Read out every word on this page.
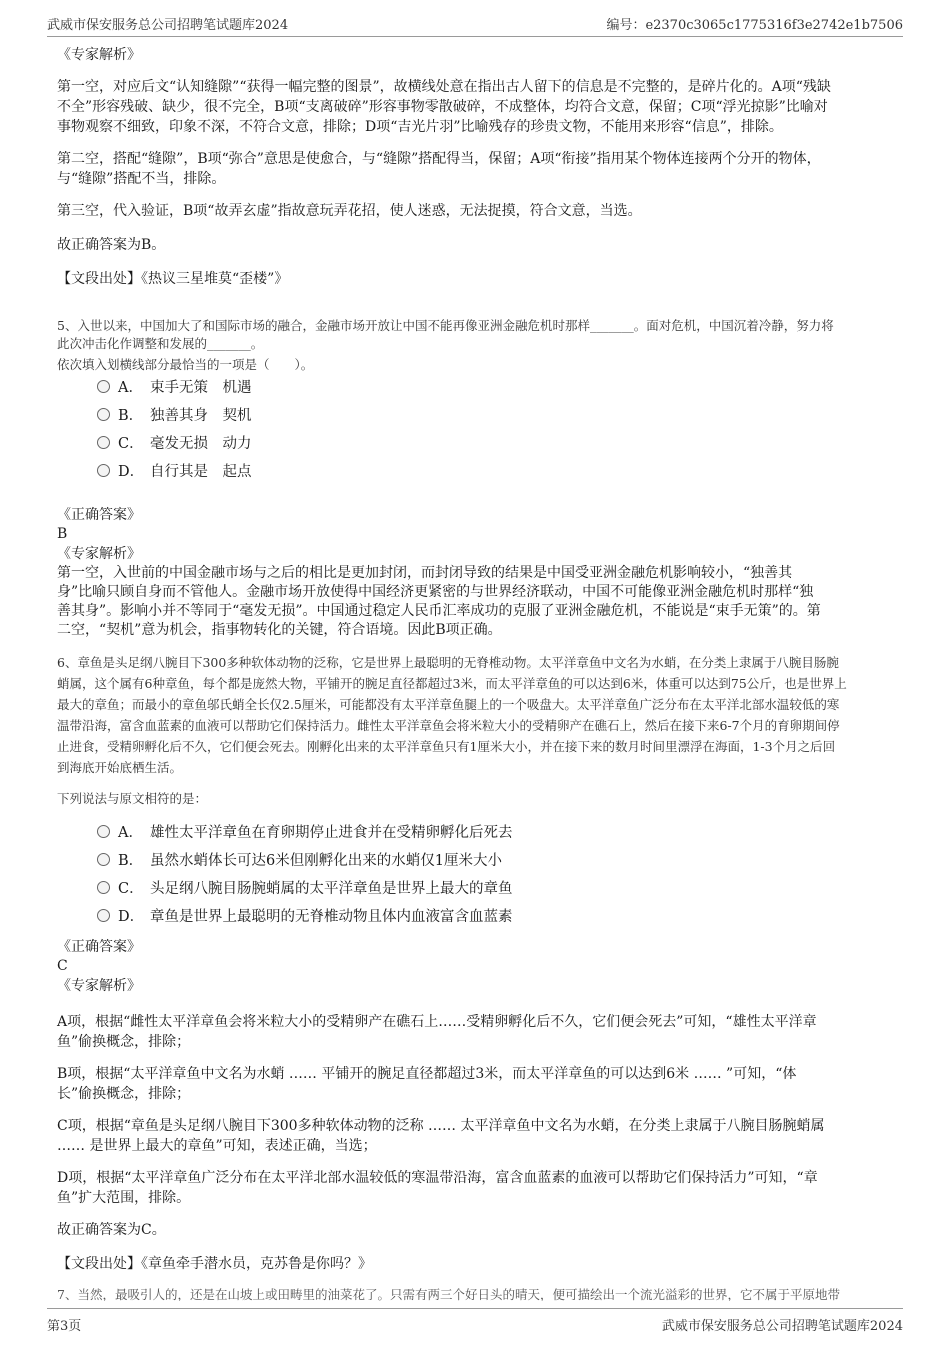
武威市保安服务总公司招聘笔试题库2024	编号：e2370c3065c1775316f3e2742e1b7506
《专家解析》
第一空，对应后文“认知缝隙”“获得一幅完整的图景”，故横线处意在指出古人留下的信息是不完整的，是碎片化的。A项“残缺
不全”形容残破、缺少，很不完全，B项“支离破碎”形容事物零散破碎，不成整体，均符合文意，保留；C项“浮光掠影”比喻对
事物观察不细致，印象不深，不符合文意，排除；D项“吉光片羽”比喻残存的珍贵文物，不能用来形容“信息”，排除。
第二空，搭配“缝隙”，B项“弥合”意思是使愈合，与“缝隙”搭配得当，保留；A项“衔接”指用某个物体连接两个分开的物体，
与“缝隙”搭配不当，排除。
第三空，代入验证，B项“故弄玄虚”指故意玩弄花招，使人迷惑，无法捉摸，符合文意，当选。
故正确答案为B。
【文段出处】《热议三星堆莫“歪楼”》
5、入世以来，中国加大了和国际市场的融合，金融市场开放让中国不能再像亚洲金融危机时那样_______。面对危机，中国沉着冷静，努力将
此次冲击化作调整和发展的_______。
依次填入划横线部分最恰当的一项是（　　）。
A． 束手无策　机遇
B． 独善其身　契机
C． 毫发无损　动力
D． 自行其是　起点
《正确答案》
B
《专家解析》
第一空，入世前的中国金融市场与之后的相比是更加封闭，而封闭导致的结果是中国受亚洲金融危机影响较小，“独善其
身”比喻只顾自身而不管他人。金融市场开放使得中国经济更紧密的与世界经济联动，中国不可能像亚洲金融危机时那样“独
善其身”。影响小并不等同于“毫发无损”。中国通过稳定人民币汇率成功的克服了亚洲金融危机，不能说是“束手无策”的。第
二空，“契机”意为机会，指事物转化的关键，符合语境。因此B项正确。
6、章鱼是头足纲八腕目下300多种软体动物的泛称，它是世界上最聪明的无脊椎动物。太平洋章鱼中文名为水蛸，在分类上隶属于八腕目肠腕
蛸属，这个属有6种章鱼，每个都是庞然大物，平铺开的腕足直径都超过3米，而太平洋章鱼的可以达到6米，体重可以达到75公斤，也是世界上
最大的章鱼；而最小的章鱼邬氏蛸全长仅2.5厘米，可能都没有太平洋章鱼腿上的一个吸盘大。太平洋章鱼广泛分布在太平洋北部水温较低的寒
温带沿海，富含血蓝素的血液可以帮助它们保持活力。雌性太平洋章鱼会将米粒大小的受精卵产在礁石上，然后在接下来6-7个月的育卵期间停
止进食，受精卵孵化后不久，它们便会死去。刚孵化出来的太平洋章鱼只有1厘米大小，并在接下来的数月时间里漂浮在海面，1-3个月之后回
到海底开始底栖生活。
下列说法与原文相符的是：
A． 雄性太平洋章鱼在育卵期停止进食并在受精卵孵化后死去
B． 虽然水蛸体长可达6米但刚孵化出来的水蛸仅1厘米大小
C． 头足纲八腕目肠腕蛸属的太平洋章鱼是世界上最大的章鱼
D． 章鱼是世界上最聪明的无脊椎动物且体内血液富含血蓝素
《正确答案》
C
《专家解析》
A项，根据“雌性太平洋章鱼会将米粒大小的受精卵产在礁石上……受精卵孵化后不久，它们便会死去”可知，“雄性太平洋章
鱼”偷换概念，排除；
B项，根据“太平洋章鱼中文名为水蛸 …… 平铺开的腕足直径都超过3米，而太平洋章鱼的可以达到6米 …… ”可知，“体
长”偷换概念，排除；
C项，根据“章鱼是头足纲八腕目下300多种软体动物的泛称 …… 太平洋章鱼中文名为水蛸，在分类上隶属于八腕目肠腕蛸属
…… 是世界上最大的章鱼”可知，表述正确，当选；
D项，根据“太平洋章鱼广泛分布在太平洋北部水温较低的寒温带沿海，富含血蓝素的血液可以帮助它们保持活力”可知，“章
鱼”扩大范围，排除。
故正确答案为C。
【文段出处】《章鱼牵手潜水员，克苏鲁是你吗？》
7、当然，最吸引人的，还是在山坡上或田畴里的油菜花了。只需有两三个好日头的晴天，便可描绘出一个流光溢彩的世界，它不属于平原地带
第3页	武威市保安服务总公司招聘笔试题库2024
